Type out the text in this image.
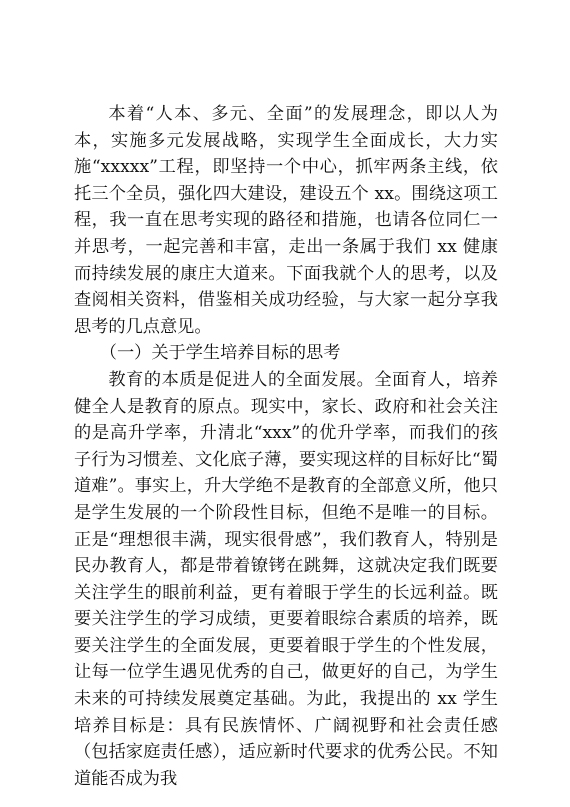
本着“人本、多元、全面”的发展理念，即以人为本，实施多元发展战略，实现学生全面成长，大力实施“xxxxx”工程，即坚持一个中心，抓牢两条主线，依托三个全员，强化四大建设，建设五个 xx。围绕这项工程，我一直在思考实现的路径和措施，也请各位同仁一并思考，一起完善和丰富，走出一条属于我们 xx 健康而持续发展的康庄大道来。下面我就个人的思考，以及查阅相关资料，借鉴相关成功经验，与大家一起分享我思考的几点意见。

（一）关于学生培养目标的思考

教育的本质是促进人的全面发展。全面育人，培养健全人是教育的原点。现实中，家长、政府和社会关注的是高升学率，升清北“xxx”的优升学率，而我们的孩子行为习惯差、文化底子薄，要实现这样的目标好比“蜀道难”。事实上，升大学绝不是教育的全部意义所，他只是学生发展的一个阶段性目标，但绝不是唯一的目标。正是“理想很丰满，现实很骨感”，我们教育人，特别是民办教育人，都是带着镣铐在跳舞，这就决定我们既要关注学生的眼前利益，更有着眼于学生的长远利益。既要关注学生的学习成绩，更要着眼综合素质的培养，既要关注学生的全面发展，更要着眼于学生的个性发展，让每一位学生遇见优秀的自己，做更好的自己，为学生未来的可持续发展奠定基础。为此，我提出的 xx 学生培养目标是：具有民族情怀、广阔视野和社会责任感（包括家庭责任感），适应新时代要求的优秀公民。不知道能否成为我
